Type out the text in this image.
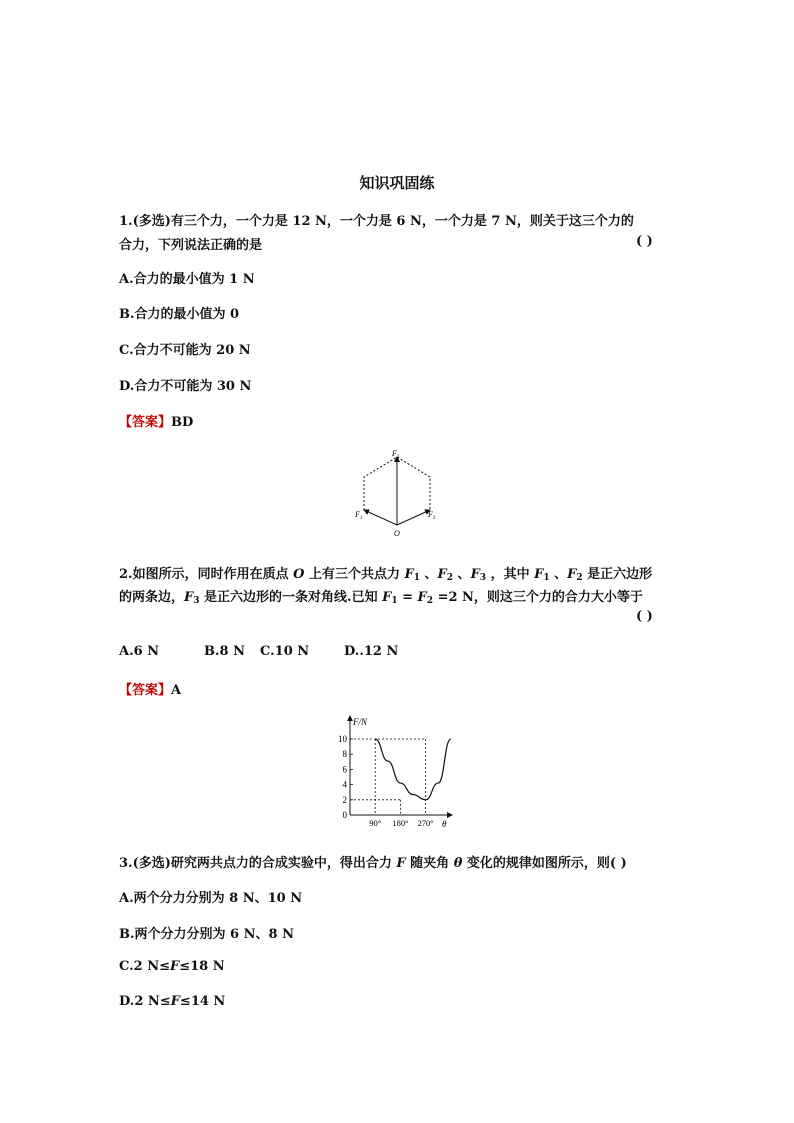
知识巩固练
1.(多选)有三个力，一个力是 12 N，一个力是 6 N，一个力是 7 N，则关于这三个力的
合力，下列说法正确的是	( )
A.合力的最小值为 1 N
B.合力的最小值为 0
C.合力不可能为 20 N
D.合力不可能为 30 N
【答案】BD
$F_3$
$F_1$	$F_2$
O
2.如图所示，同时作用在质点 O 上有三个共点力 $F_1$ 、$F_2$ 、$F_3$ ，其中 $F_1$ 、$F_2$ 是正六边形
的两条边，$F_3$ 是正六边形的一条对角线.已知 $F_1 = F_2 =2$ N，则这三个力的合力大小等于
( )
A.6 N	B.8 N C.10 N	D..12 N
【答案】A
F/N
θ
0
2
4
6
8
10
90° 180° 270°
3.(多选)研究两共点力的合成实验中，得出合力 F 随夹角 θ 变化的规律如图所示，则( )
A.两个分力分别为 8 N、10 N
B.两个分力分别为 6 N、8 N
C.2 N≤F≤18 N
D.2 N≤F≤14 N
